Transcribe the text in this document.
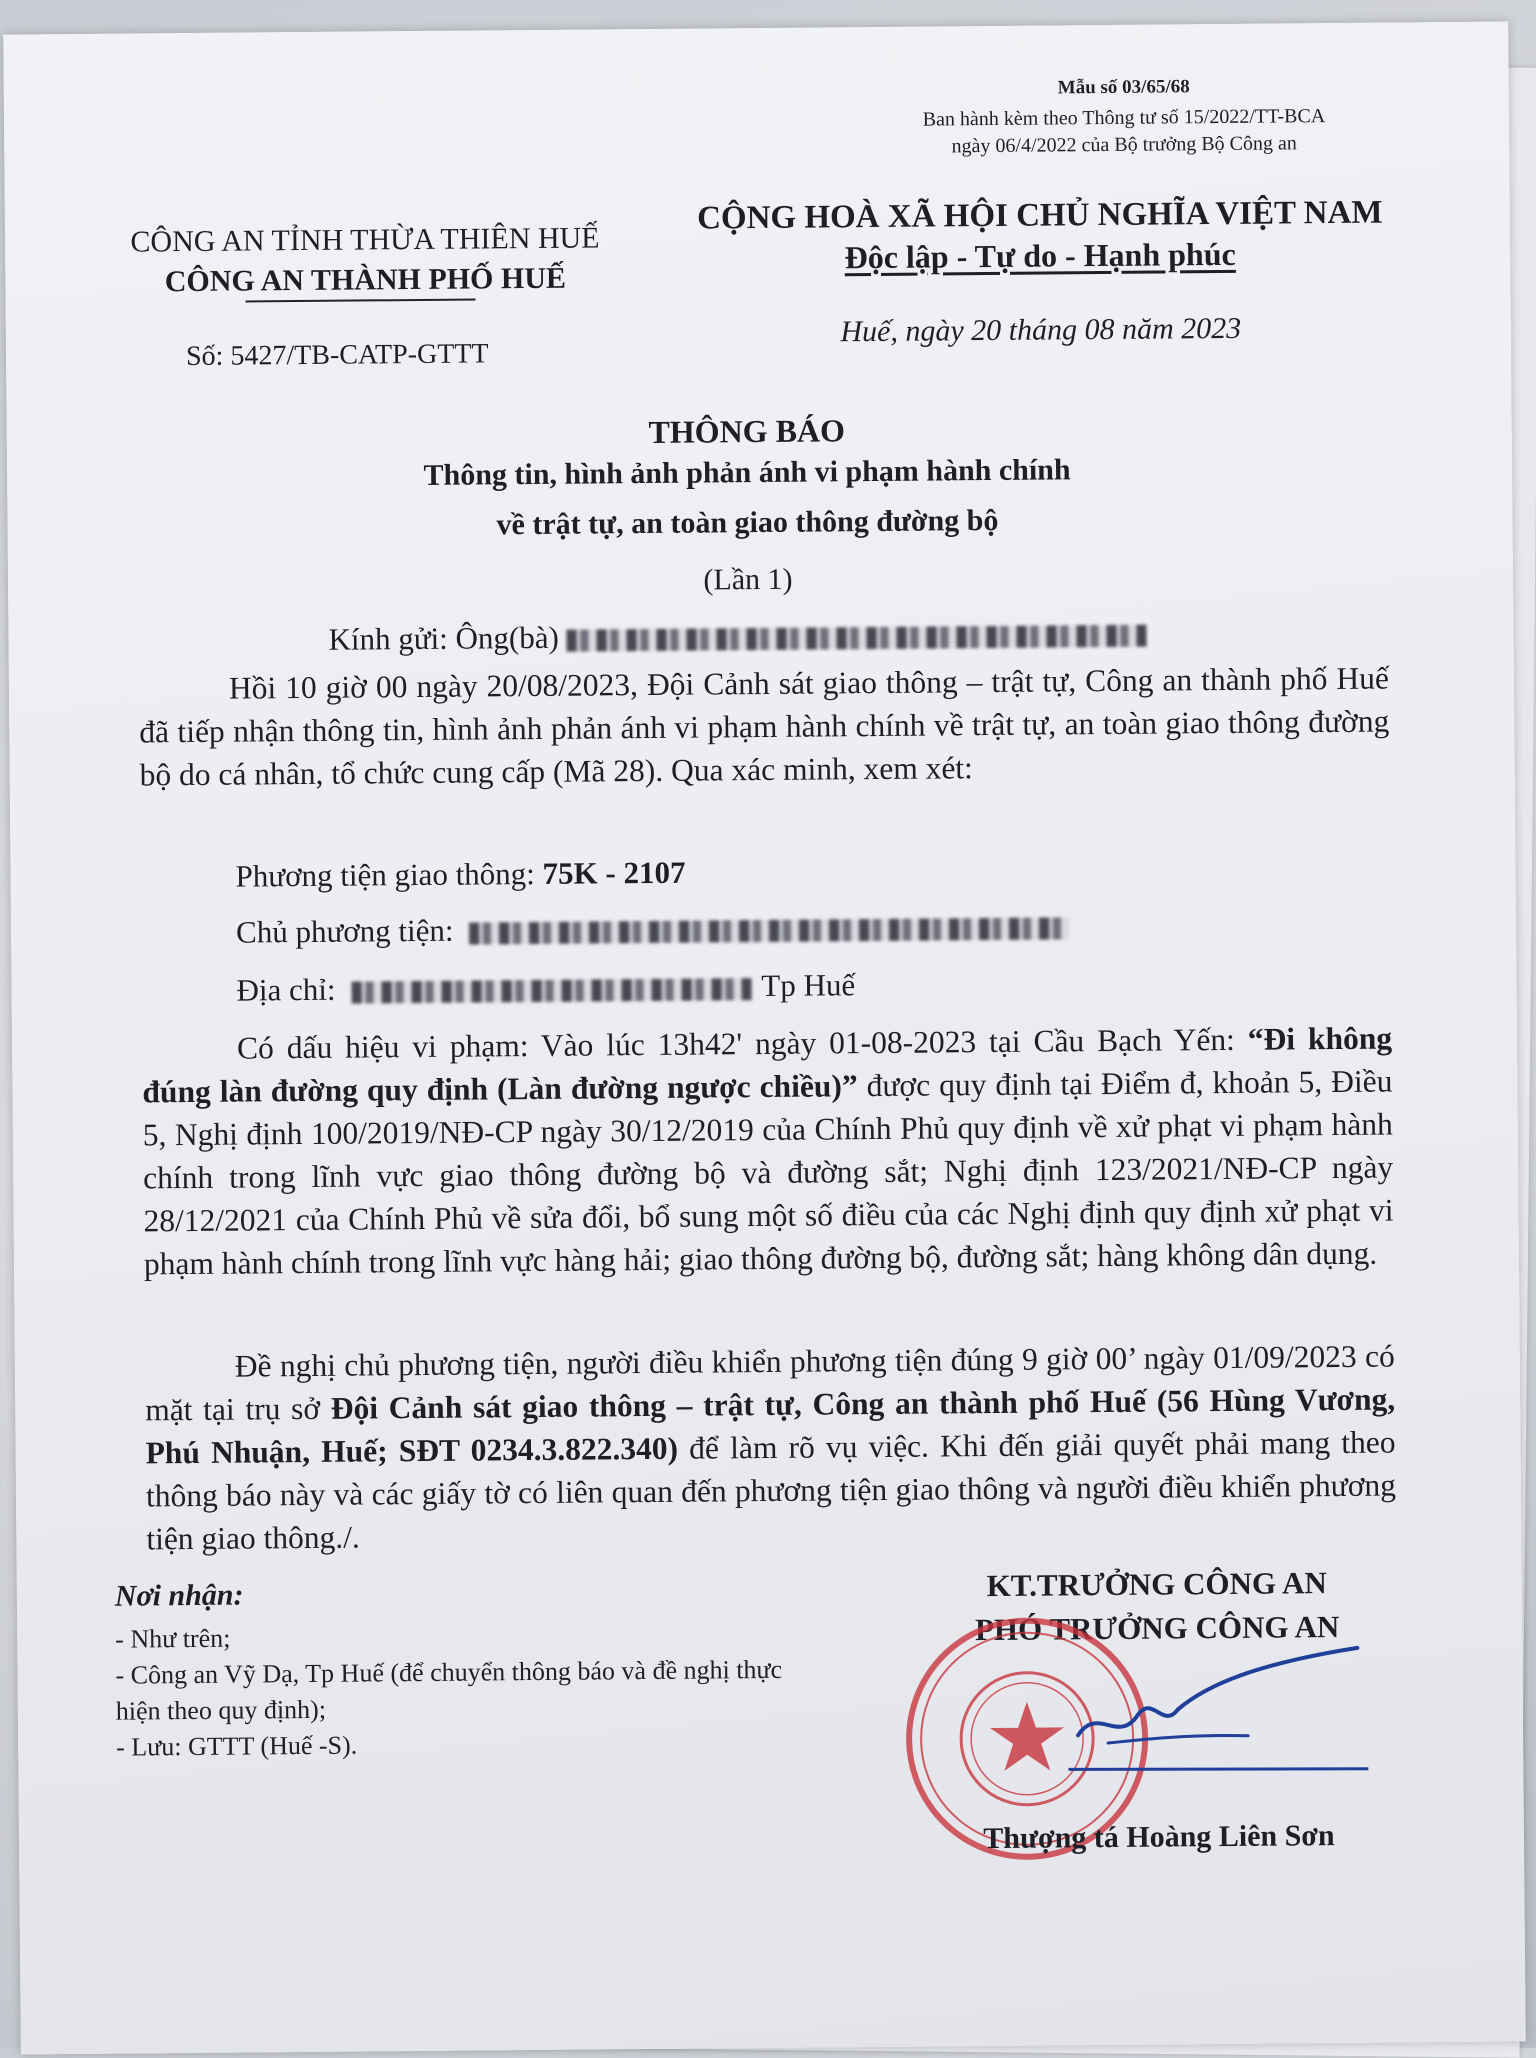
Mẫu số 03/65/68
Ban hành kèm theo Thông tư số 15/2022/TT-BCA
ngày 06/4/2022 của Bộ trưởng Bộ Công an
CÔNG AN TỈNH THỪA THIÊN HUẾ
CÔNG AN THÀNH PHỐ HUẾ
Số: 5427/TB-CATP-GTTT
CỘNG HOÀ XÃ HỘI CHỦ NGHĨA VIỆT NAM
Độc lập - Tự do - Hạnh phúc
Huế, ngày 20 tháng 08 năm 2023
THÔNG BÁO
Thông tin, hình ảnh phản ánh vi phạm hành chính
về trật tự, an toàn giao thông đường bộ
(Lần 1)
Kính gửi: Ông(bà)
Hồi 10 giờ 00 ngày 20/08/2023, Đội Cảnh sát giao thông – trật tự, Công an thành phố Huế đã tiếp nhận thông tin, hình ảnh phản ánh vi phạm hành chính về trật tự, an toàn giao thông đường bộ do cá nhân, tổ chức cung cấp (Mã 28). Qua xác minh, xem xét:
Phương tiện giao thông: 75K - 2107
Chủ phương tiện:
Địa chỉ:	Tp Huế
Có dấu hiệu vi phạm: Vào lúc 13h42' ngày 01-08-2023 tại Cầu Bạch Yến: “Đi không đúng làn đường quy định (Làn đường ngược chiều)” được quy định tại Điểm đ, khoản 5, Điều 5, Nghị định 100/2019/NĐ-CP ngày 30/12/2019 của Chính Phủ quy định về xử phạt vi phạm hành chính trong lĩnh vực giao thông đường bộ và đường sắt; Nghị định 123/2021/NĐ-CP ngày 28/12/2021 của Chính Phủ về sửa đổi, bổ sung một số điều của các Nghị định quy định xử phạt vi phạm hành chính trong lĩnh vực hàng hải; giao thông đường bộ, đường sắt; hàng không dân dụng.
Đề nghị chủ phương tiện, người điều khiển phương tiện đúng 9 giờ 00’ ngày 01/09/2023 có mặt tại trụ sở Đội Cảnh sát giao thông – trật tự, Công an thành phố Huế (56 Hùng Vương, Phú Nhuận, Huế; SĐT 0234.3.822.340) để làm rõ vụ việc. Khi đến giải quyết phải mang theo thông báo này và các giấy tờ có liên quan đến phương tiện giao thông và người điều khiển phương tiện giao thông./.
Nơi nhận:
- Như trên;
- Công an Vỹ Dạ, Tp Huế (để chuyển thông báo và đề nghị thực hiện theo quy định);
- Lưu: GTTT (Huế -S).
KT.TRƯỞNG CÔNG AN
PHÓ TRƯỞNG CÔNG AN
Thượng tá Hoàng Liên Sơn
